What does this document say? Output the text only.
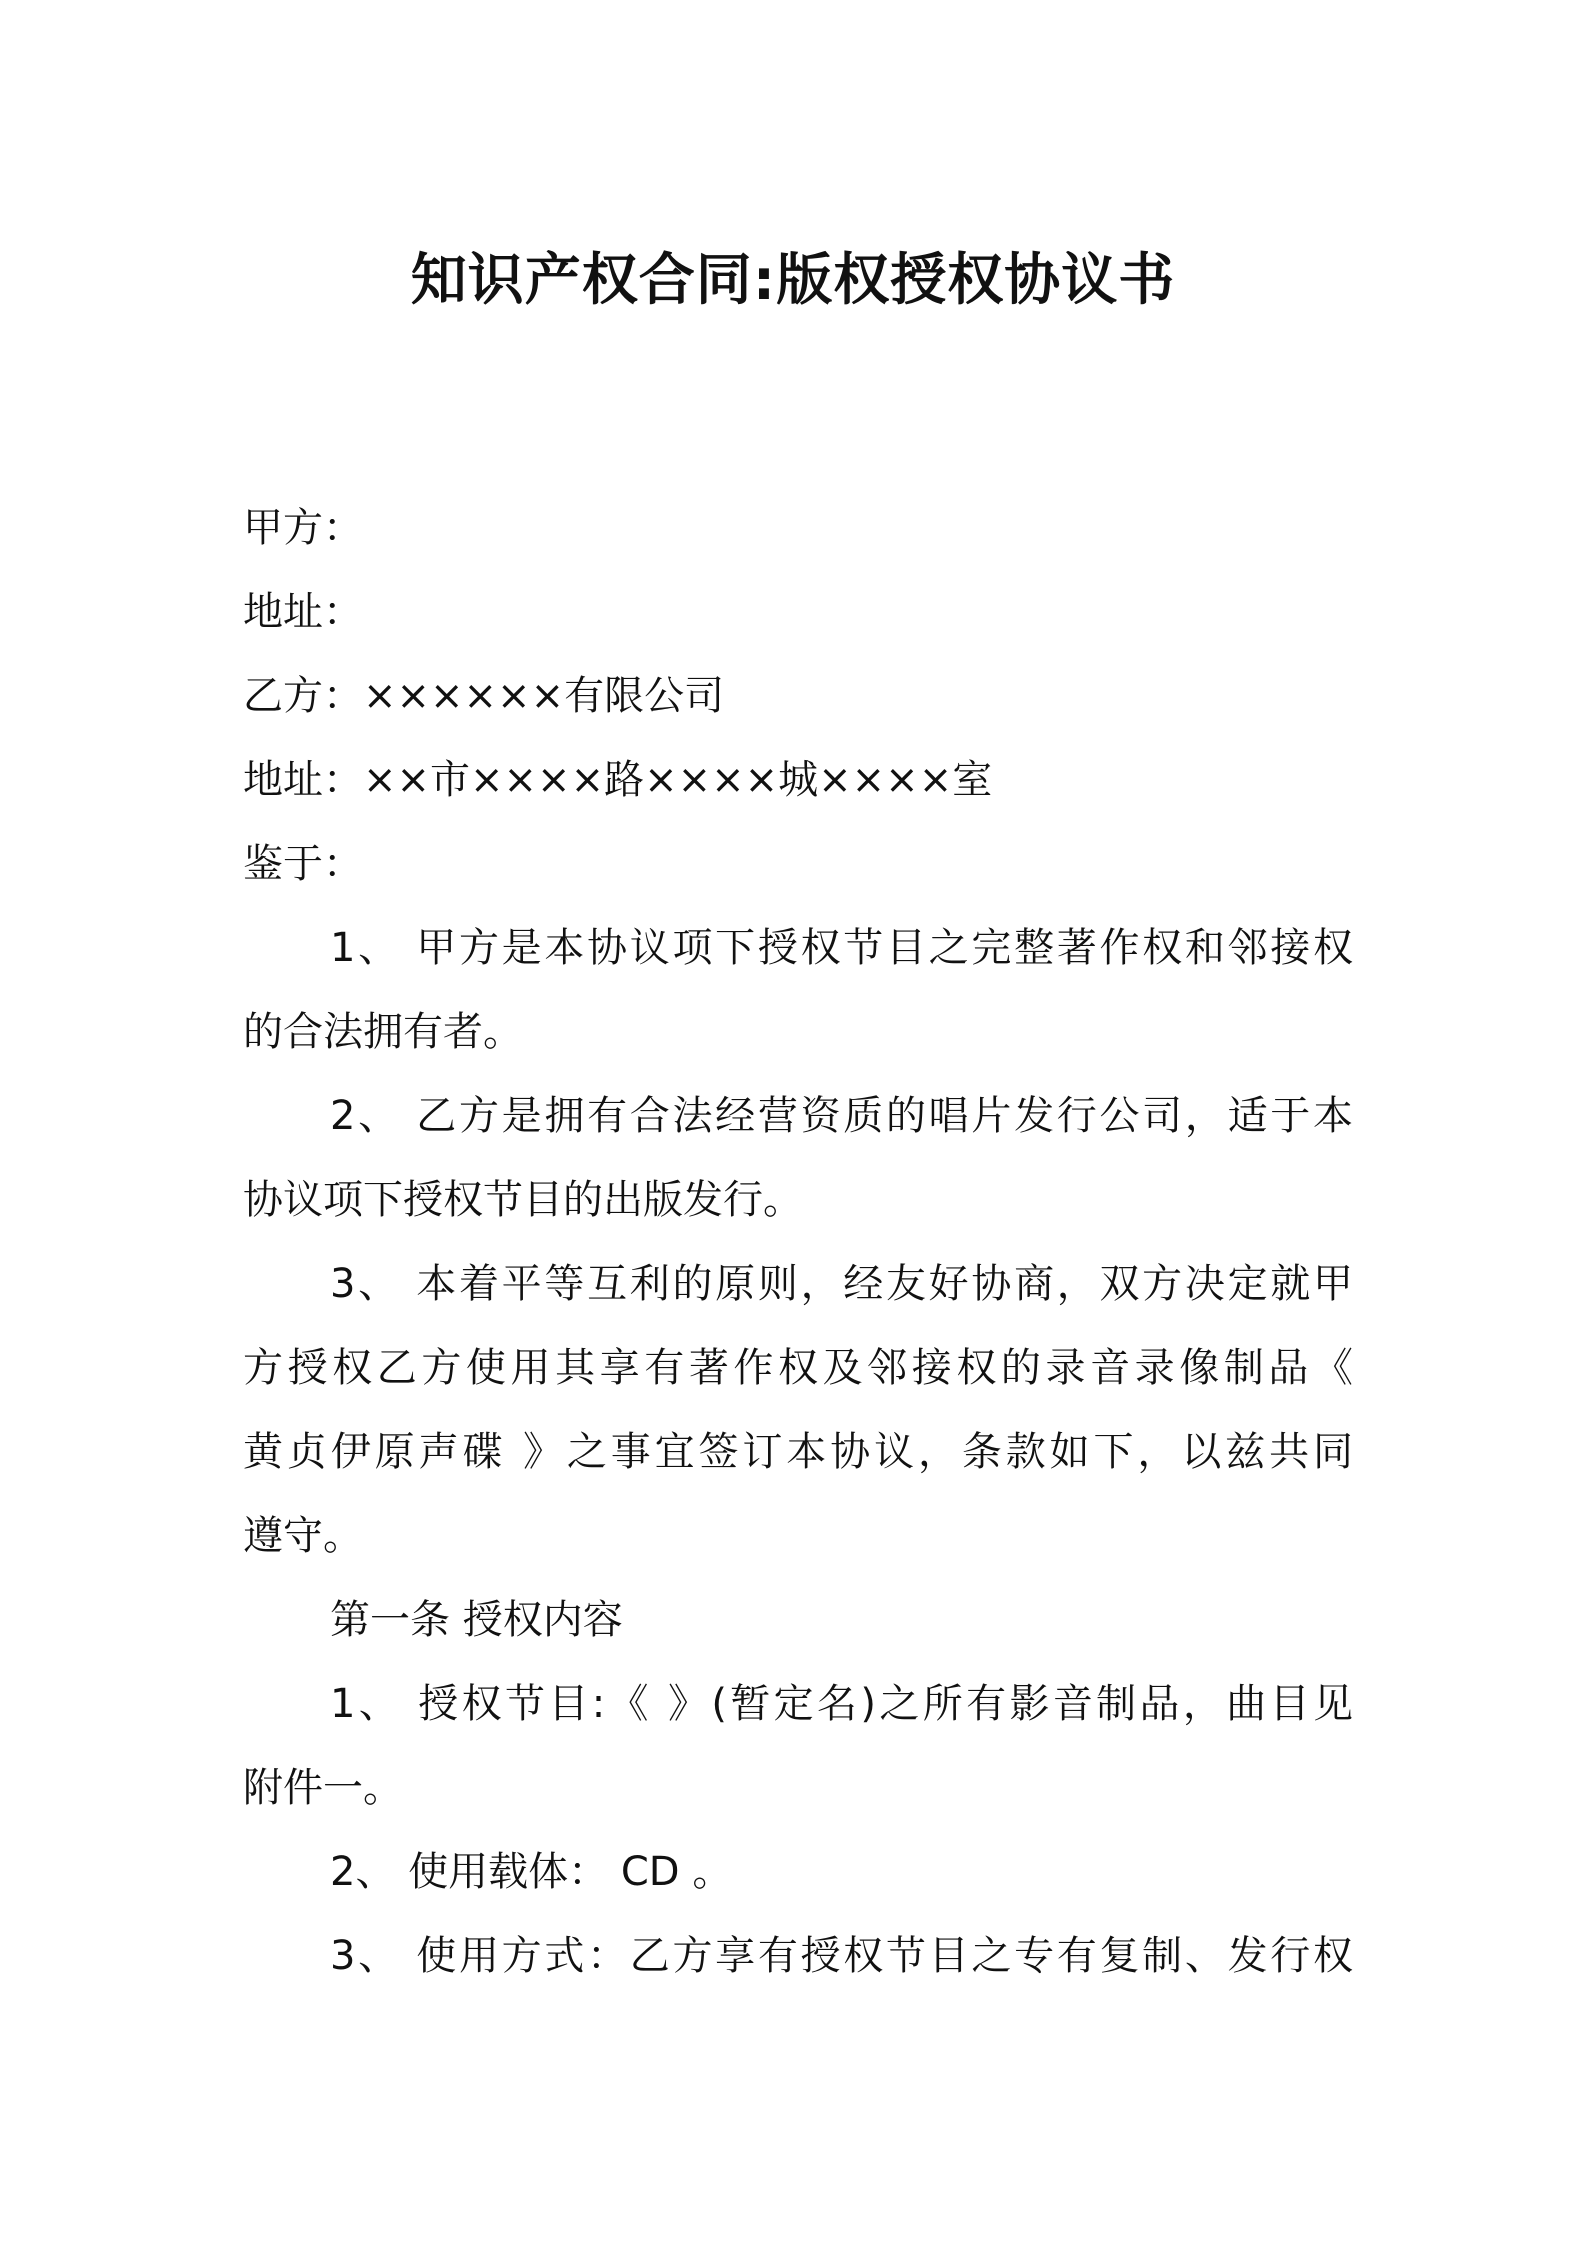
知识产权合同:版权授权协议书
甲方：
地址：
乙方：××××××有限公司
地址：××市××××路××××城××××室
鉴于：
1、 甲方是本协议项下授权节目之完整著作权和邻接权
的合法拥有者。
2、 乙方是拥有合法经营资质的唱片发行公司，适于本
协议项下授权节目的出版发行。
3、 本着平等互利的原则，经友好协商，双方决定就甲
方授权乙方使用其享有著作权及邻接权的录音录像制品《
黄贞伊原声碟 》之事宜签订本协议，条款如下，以兹共同
遵守。
第一条 授权内容
1、 授权节目:《 》(暂定名)之所有影音制品，曲目见
附件一。
2、 使用载体： CD 。
3、 使用方式：乙方享有授权节目之专有复制、发行权
